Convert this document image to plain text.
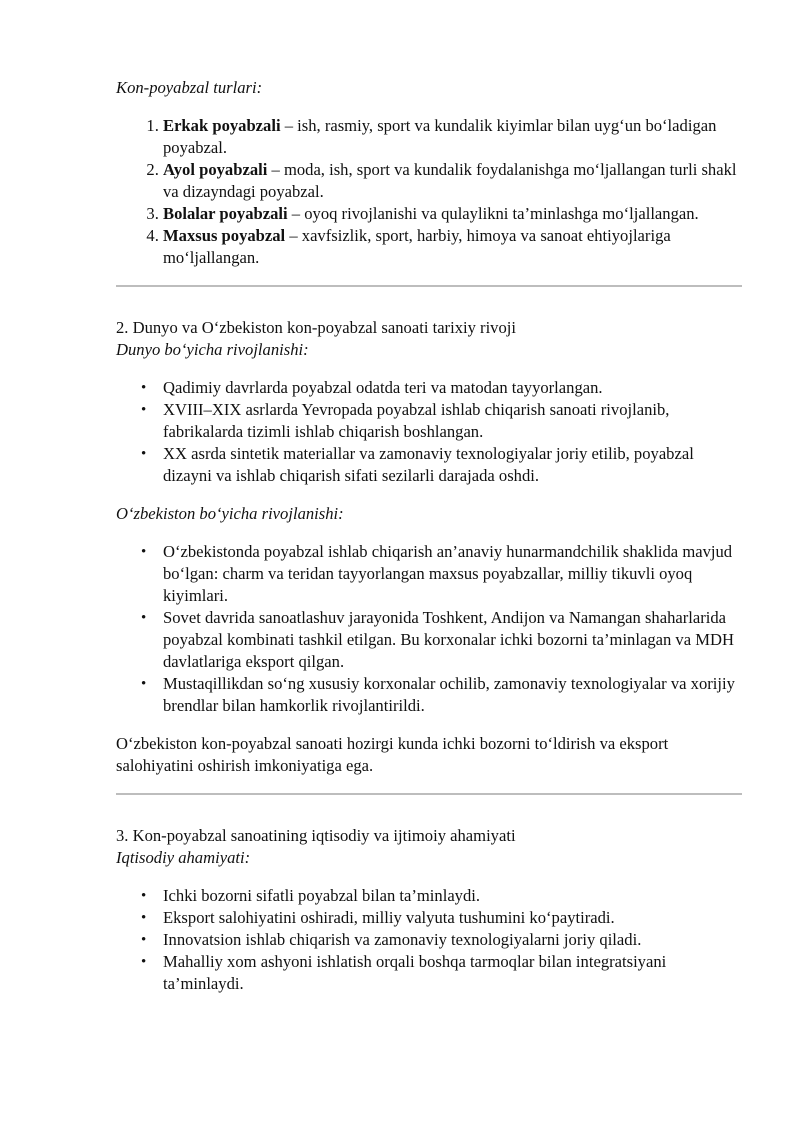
Kon-poyabzal turlari:

1. Erkak poyabzali – ish, rasmiy, sport va kundalik kiyimlar bilan uyg‘un bo‘ladigan poyabzal.
2. Ayol poyabzali – moda, ish, sport va kundalik foydalanishga mo‘ljallangan turli shakl va dizayndagi poyabzal.
3. Bolalar poyabzali – oyoq rivojlanishi va qulaylikni ta’minlashga mo‘ljallangan.
4. Maxsus poyabzal – xavfsizlik, sport, harbiy, himoya va sanoat ehtiyojlariga mo‘ljallangan.

2. Dunyo va O‘zbekiston kon-poyabzal sanoati tarixiy rivoji

Dunyo bo‘yicha rivojlanishi:

• Qadimiy davrlarda poyabzal odatda teri va matodan tayyorlangan.
• XVIII–XIX asrlarda Yevropada poyabzal ishlab chiqarish sanoati rivojlanib, fabrikalarda tizimli ishlab chiqarish boshlangan.
• XX asrda sintetik materiallar va zamonaviy texnologiyalar joriy etilib, poyabzal dizayni va ishlab chiqarish sifati sezilarli darajada oshdi.

O‘zbekiston bo‘yicha rivojlanishi:

• O‘zbekistonda poyabzal ishlab chiqarish an’anaviy hunarmandchilik shaklida mavjud bo‘lgan: charm va teridan tayyorlangan maxsus poyabzallar, milliy tikuvli oyoq kiyimlari.
• Sovet davrida sanoatlashuv jarayonida Toshkent, Andijon va Namangan shaharlarida poyabzal kombinati tashkil etilgan. Bu korxonalar ichki bozorni ta’minlagan va MDH davlatlariga eksport qilgan.
• Mustaqillikdan so‘ng xususiy korxonalar ochilib, zamonaviy texnologiyalar va xorijiy brendlar bilan hamkorlik rivojlantirildi.

O‘zbekiston kon-poyabzal sanoati hozirgi kunda ichki bozorni to‘ldirish va eksport salohiyatini oshirish imkoniyatiga ega.

3. Kon-poyabzal sanoatining iqtisodiy va ijtimoiy ahamiyati

Iqtisodiy ahamiyati:

• Ichki bozorni sifatli poyabzal bilan ta’minlaydi.
• Eksport salohiyatini oshiradi, milliy valyuta tushumini ko‘paytiradi.
• Innovatsion ishlab chiqarish va zamonaviy texnologiyalarni joriy qiladi.
• Mahalliy xom ashyoni ishlatish orqali boshqa tarmoqlar bilan integratsiyani ta’minlaydi.
